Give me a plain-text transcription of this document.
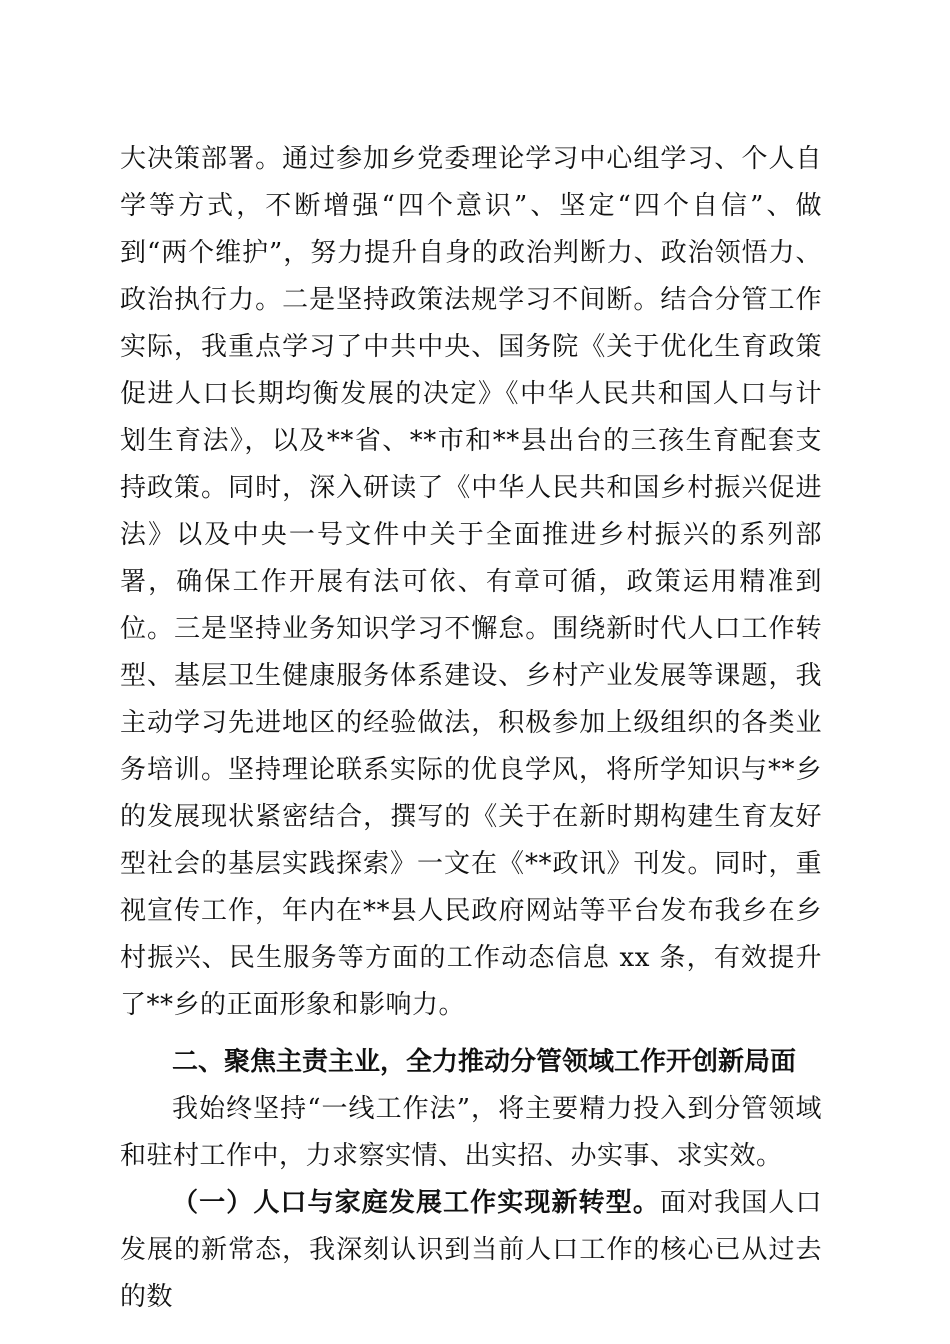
大决策部署。通过参加乡党委理论学习中心组学习、个人自学等方式，不断增强“四个意识”、坚定“四个自信”、做到“两个维护”，努力提升自身的政治判断力、政治领悟力、政治执行力。二是坚持政策法规学习不间断。结合分管工作实际，我重点学习了中共中央、国务院《关于优化生育政策促进人口长期均衡发展的决定》《中华人民共和国人口与计划生育法》，以及**省、**市和**县出台的三孩生育配套支持政策。同时，深入研读了《中华人民共和国乡村振兴促进法》以及中央一号文件中关于全面推进乡村振兴的系列部署，确保工作开展有法可依、有章可循，政策运用精准到位。三是坚持业务知识学习不懈怠。围绕新时代人口工作转型、基层卫生健康服务体系建设、乡村产业发展等课题，我主动学习先进地区的经验做法，积极参加上级组织的各类业务培训。坚持理论联系实际的优良学风，将所学知识与**乡的发展现状紧密结合，撰写的《关于在新时期构建生育友好型社会的基层实践探索》一文在《**政讯》刊发。同时，重视宣传工作，年内在**县人民政府网站等平台发布我乡在乡村振兴、民生服务等方面的工作动态信息 xx 条，有效提升了**乡的正面形象和影响力。

二、聚焦主责主业，全力推动分管领域工作开创新局面

我始终坚持“一线工作法”，将主要精力投入到分管领域和驻村工作中，力求察实情、出实招、办实事、求实效。

（一）人口与家庭发展工作实现新转型。面对我国人口发展的新常态，我深刻认识到当前人口工作的核心已从过去的数
